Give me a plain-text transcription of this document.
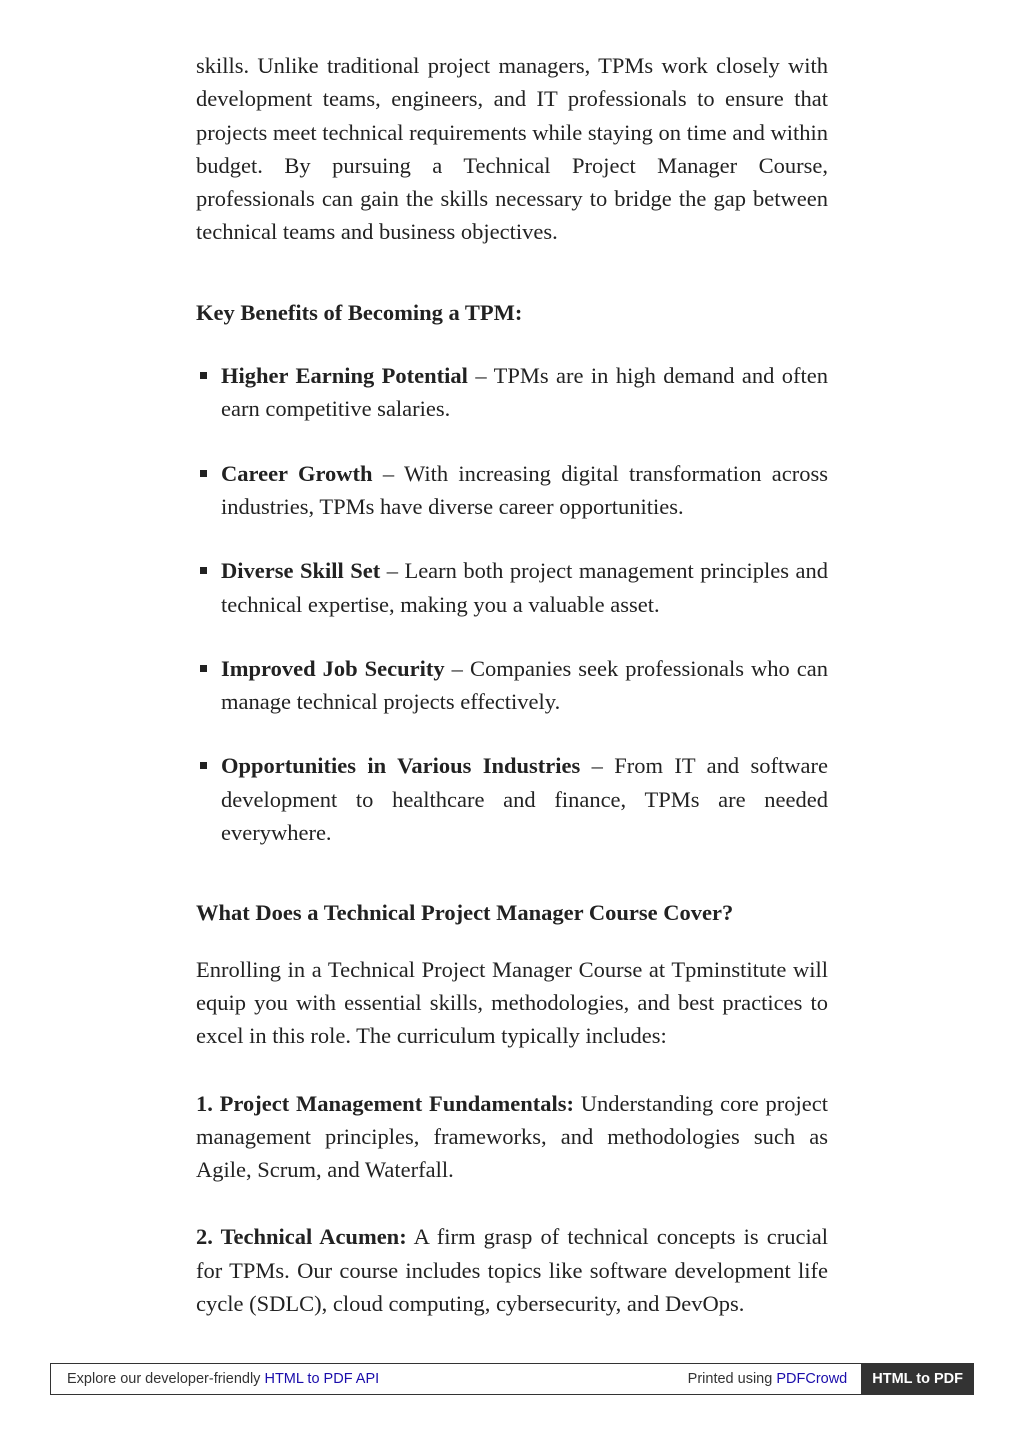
skills. Unlike traditional project managers, TPMs work closely with development teams, engineers, and IT professionals to ensure that projects meet technical requirements while staying on time and within budget. By pursuing a Technical Project Manager Course, professionals can gain the skills necessary to bridge the gap between technical teams and business objectives.

Key Benefits of Becoming a TPM:

Higher Earning Potential – TPMs are in high demand and often earn competitive salaries.
Career Growth – With increasing digital transformation across industries, TPMs have diverse career opportunities.
Diverse Skill Set – Learn both project management principles and technical expertise, making you a valuable asset.
Improved Job Security – Companies seek professionals who can manage technical projects effectively.
Opportunities in Various Industries – From IT and software development to healthcare and finance, TPMs are needed everywhere.

What Does a Technical Project Manager Course Cover?

Enrolling in a Technical Project Manager Course at Tpminstitute will equip you with essential skills, methodologies, and best practices to excel in this role. The curriculum typically includes:

1. Project Management Fundamentals: Understanding core project management principles, frameworks, and methodologies such as Agile, Scrum, and Waterfall.

2. Technical Acumen: A firm grasp of technical concepts is crucial for TPMs. Our course includes topics like software development life cycle (SDLC), cloud computing, cybersecurity, and DevOps.

Explore our developer-friendly HTML to PDF API	Printed using PDFCrowd	HTML to PDF
